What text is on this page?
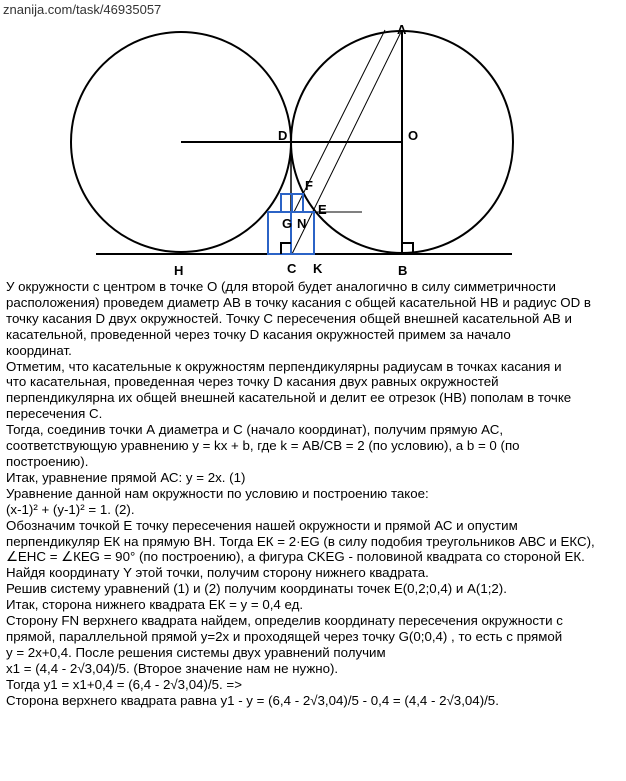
znanija.com/task/46935057
A
O
D
F
G N
E
H	C K	B

У окружности с центром в точке О (для второй будет аналогично в силу симметричности

расположения) проведем диаметр АВ в точку касания с общей касательной НВ и радиус OD в

точку касания D двух окружностей. Точку С пересечения общей внешней касательной АВ и

касательной, проведенной через точку D касания окружностей примем за начало

координат.

Отметим, что касательные к окружностям перпендикулярны радиусам в точках касания и

что касательная, проведенная через точку D касания двух равных окружностей

перпендикулярна их общей внешней касательной и делит ее отрезок (НВ) пополам в точке

пересечения С.

Тогда, соединив точки А диаметра и С (начало координат), получим прямую АС,

соответствующую уравнению y = kx + b, где k = АВ/СВ = 2 (по условию), а b = 0 (по

построению).

Итак, уравнение прямой АС: y = 2x. (1)

Уравнение данной нам окружности по условию и построению такое:

(x-1)² + (y-1)² = 1. (2).

Обозначим точкой Е точку пересечения нашей окружности и прямой АС и опустим

перпендикуляр ЕК на прямую ВН. Тогда ЕК = 2·EG (в силу подобия треугольников АВС и ЕКС),

∠ЕНС = ∠КЕG = 90° (по построению), а фигура CKEG - половиной квадрата со стороной ЕК.

Найдя координату Y этой точки, получим сторону нижнего квадрата.

Решив систему уравнений (1) и (2) получим координаты точек Е(0,2;0,4) и А(1;2).

Итак, сторона нижнего квадрата ЕК = y = 0,4 ед.

Сторону FN верхнего квадрата найдем, определив координату пересечения окружности с

прямой, параллельной прямой y=2x и проходящей через точку G(0;0,4) , то есть с прямой

y = 2x+0,4. После решения системы двух уравнений получим

x1 = (4,4 - 2√3,04)/5. (Второе значение нам не нужно).

Тогда y1 = x1+0,4 = (6,4 - 2√3,04)/5. =>

Сторона верхнего квадрата равна y1 - y = (6,4 - 2√3,04)/5 - 0,4 = (4,4 - 2√3,04)/5.
